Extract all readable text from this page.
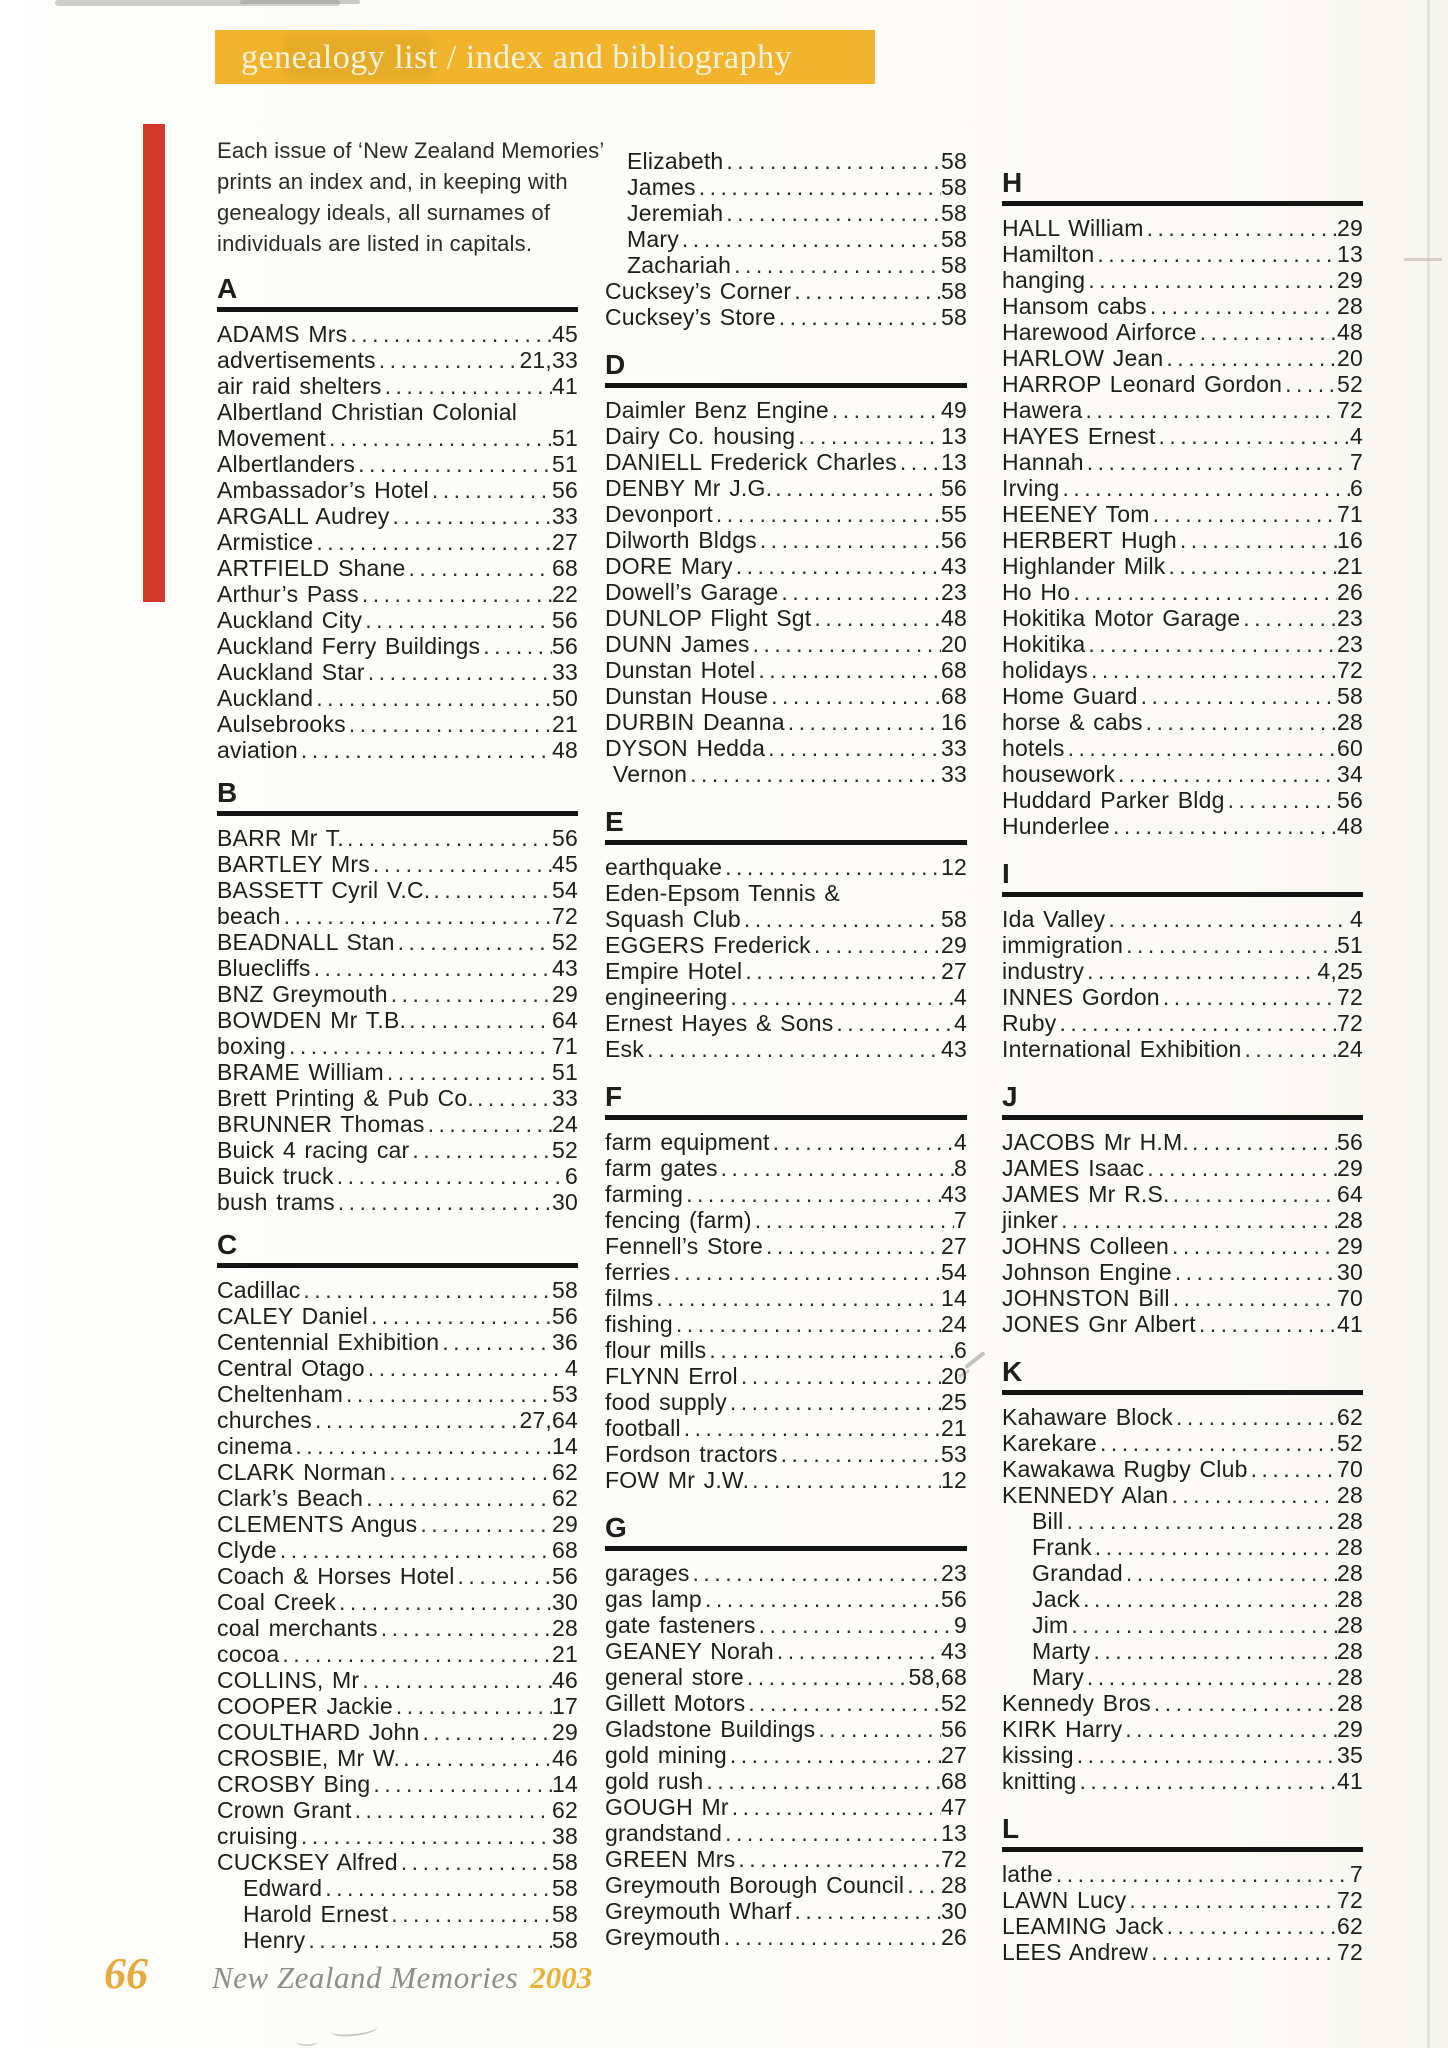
genealogy list / index and bibliography
Each issue of ‘New Zealand Memories’
prints an index and, in keeping with
genealogy ideals, all surnames of
individuals are listed in capitals.
A
ADAMS Mrs .....	45
advertisements .....	21,33
air raid shelters .....	41
Albertland Christian Colonial
Movement .....	51
Albertlanders .....	51
Ambassador’s Hotel .....	56
ARGALL Audrey .....	33
Armistice .....	27
ARTFIELD Shane .....	68
Arthur’s Pass .....	22
Auckland City .....	56
Auckland Ferry Buildings .....	56
Auckland Star .....	33
Auckland .....	50
Aulsebrooks .....	21
aviation .....	48
B
BARR Mr T. .....	56
BARTLEY Mrs .....	45
BASSETT Cyril V.C. .....	54
beach .....	72
BEADNALL Stan .....	52
Bluecliffs .....	43
BNZ Greymouth .....	29
BOWDEN Mr T.B. .....	64
boxing .....	71
BRAME William .....	51
Brett Printing & Pub Co. .....	33
BRUNNER Thomas .....	24
Buick 4 racing car .....	52
Buick truck .....	6
bush trams .....	30
C
Cadillac .....	58
CALEY Daniel .....	56
Centennial Exhibition .....	36
Central Otago .....	4
Cheltenham .....	53
churches .....	27,64
cinema .....	14
CLARK Norman .....	62
Clark’s Beach .....	62
CLEMENTS Angus .....	29
Clyde .....	68
Coach & Horses Hotel .....	56
Coal Creek .....	30
coal merchants .....	28
cocoa .....	21
COLLINS, Mr .....	46
COOPER Jackie .....	17
COULTHARD John .....	29
CROSBIE, Mr W. .....	46
CROSBY Bing .....	14
Crown Grant .....	62
cruising .....	38
CUCKSEY Alfred .....	58
Edward .....	58
Harold Ernest .....	58
Henry .....	58
Elizabeth .....	58
James .....	58
Jeremiah .....	58
Mary .....	58
Zachariah .....	58
Cucksey’s Corner .....	58
Cucksey’s Store .....	58
D
Daimler Benz Engine .....	49
Dairy Co. housing .....	13
DANIELL Frederick Charles ..... 13
DENBY Mr J.G. .....	56
Devonport .....	55
Dilworth Bldgs .....	56
DORE Mary .....	43
Dowell’s Garage .....	23
DUNLOP Flight Sgt .....	48
DUNN James .....	20
Dunstan Hotel .....	68
Dunstan House .....	68
DURBIN Deanna .....	16
DYSON Hedda .....	33
Vernon .....	33
E
earthquake .....	12
Eden-Epsom Tennis &
Squash Club .....	58
EGGERS Frederick .....	29
Empire Hotel .....	27
engineering .....	4
Ernest Hayes & Sons .....	4
Esk .....	43
F
farm equipment .....	4
farm gates .....	8
farming .....	43
fencing (farm) .....	7
Fennell’s Store .....	27
ferries .....	54
films .....	14
fishing .....	24
flour mills .....	6
FLYNN Errol .....	20
food supply .....	25
football .....	21
Fordson tractors .....	53
FOW Mr J.W. .....	12
G
garages .....	23
gas lamp .....	56
gate fasteners .....	9
GEANEY Norah .....	43
general store .....	58,68
Gillett Motors .....	52
Gladstone Buildings .....	56
gold mining .....	27
gold rush .....	68
GOUGH Mr .....	47
grandstand .....	13
GREEN Mrs .....	72
Greymouth Borough Council ..... 28
Greymouth Wharf .....	30
Greymouth .....	26
H
HALL William .....	29
Hamilton .....	13
hanging .....	29
Hansom cabs .....	28
Harewood Airforce .....	48
HARLOW Jean .....	20
HARROP Leonard Gordon ..... 52
Hawera .....	72
HAYES Ernest .....	4
Hannah .....	7
Irving .....	6
HEENEY Tom .....	71
HERBERT Hugh .....	16
Highlander Milk .....	21
Ho Ho .....	26
Hokitika Motor Garage .....	23
Hokitika .....	23
holidays .....	72
Home Guard .....	58
horse & cabs .....	28
hotels .....	60
housework .....	34
Huddard Parker Bldg .....	56
Hunderlee .....	48
I
Ida Valley .....	4
immigration .....	51
industry .....	4,25
INNES Gordon .....	72
Ruby .....	72
International Exhibition .....	24
J
JACOBS Mr H.M. .....	56
JAMES Isaac .....	29
JAMES Mr R.S. .....	64
jinker .....	28
JOHNS Colleen .....	29
Johnson Engine .....	30
JOHNSTON Bill .....	70
JONES Gnr Albert .....	41
K
Kahaware Block .....	62
Karekare .....	52
Kawakawa Rugby Club .....	70
KENNEDY Alan .....	28
Bill .....	28
Frank .....	28
Grandad .....	28
Jack .....	28
Jim .....	28
Marty .....	28
Mary .....	28
Kennedy Bros .....	28
KIRK Harry .....	29
kissing .....	35
knitting .....	41
L
lathe .....	7
LAWN Lucy .....	72
LEAMING Jack .....	62
LEES Andrew .....	72
66 New Zealand Memories 2003
